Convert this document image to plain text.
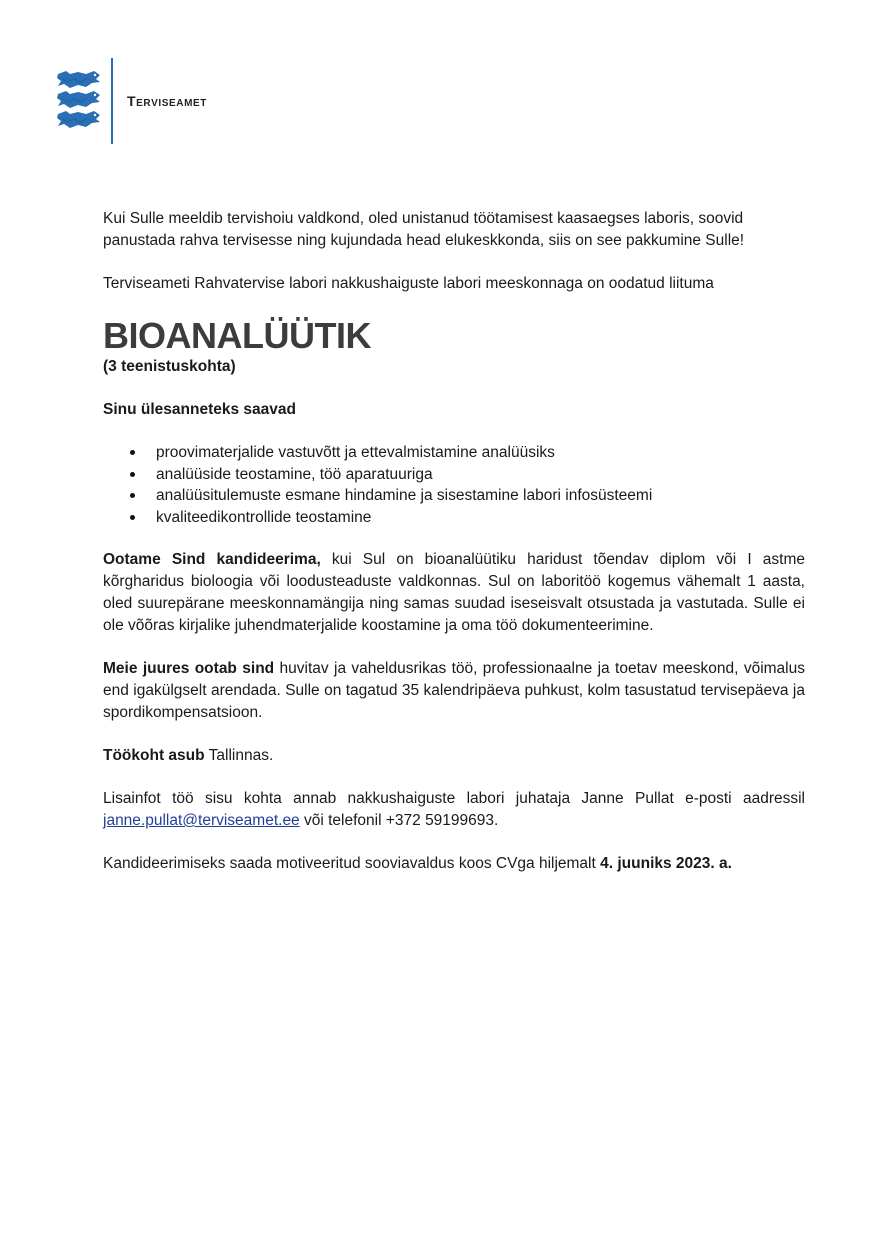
Terviseamet

Kui Sulle meeldib tervishoiu valdkond, oled unistanud töötamisest kaasaegses laboris, soovid panustada rahva tervisesse ning kujundada head elukeskkonda, siis on see pakkumine Sulle!

Terviseameti Rahvatervise labori nakkushaiguste labori meeskonnaga on oodatud liituma

BIOANALÜÜTIK

(3 teenistuskohta)

Sinu ülesanneteks saavad

proovimaterjalide vastuvõtt ja ettevalmistamine analüüsiks
analüüside teostamine, töö aparatuuriga
analüüsitulemuste esmane hindamine ja sisestamine labori infosüsteemi
kvaliteedikontrollide teostamine

Ootame Sind kandideerima, kui Sul on bioanalüütiku haridust tõendav diplom või I astme kõrgharidus bioloogia või loodusteaduste valdkonnas. Sul on laboritöö kogemus vähemalt 1 aasta, oled suurepärane meeskonnamängija ning samas suudad iseseisvalt otsustada ja vastutada. Sulle ei ole võõras kirjalike juhendmaterjalide koostamine ja oma töö dokumenteerimine.

Meie juures ootab sind huvitav ja vaheldusrikas töö, professionaalne ja toetav meeskond, võimalus end igakülgselt arendada. Sulle on tagatud 35 kalendripäeva puhkust, kolm tasustatud tervisepäeva ja spordikompensatsioon.

Töökoht asub Tallinnas.

Lisainfot töö sisu kohta annab nakkushaiguste labori juhataja Janne Pullat e-posti aadressil janne.pullat@terviseamet.ee või telefonil +372 59199693.

Kandideerimiseks saada motiveeritud sooviavaldus koos CVga hiljemalt 4. juuniks 2023. a.
